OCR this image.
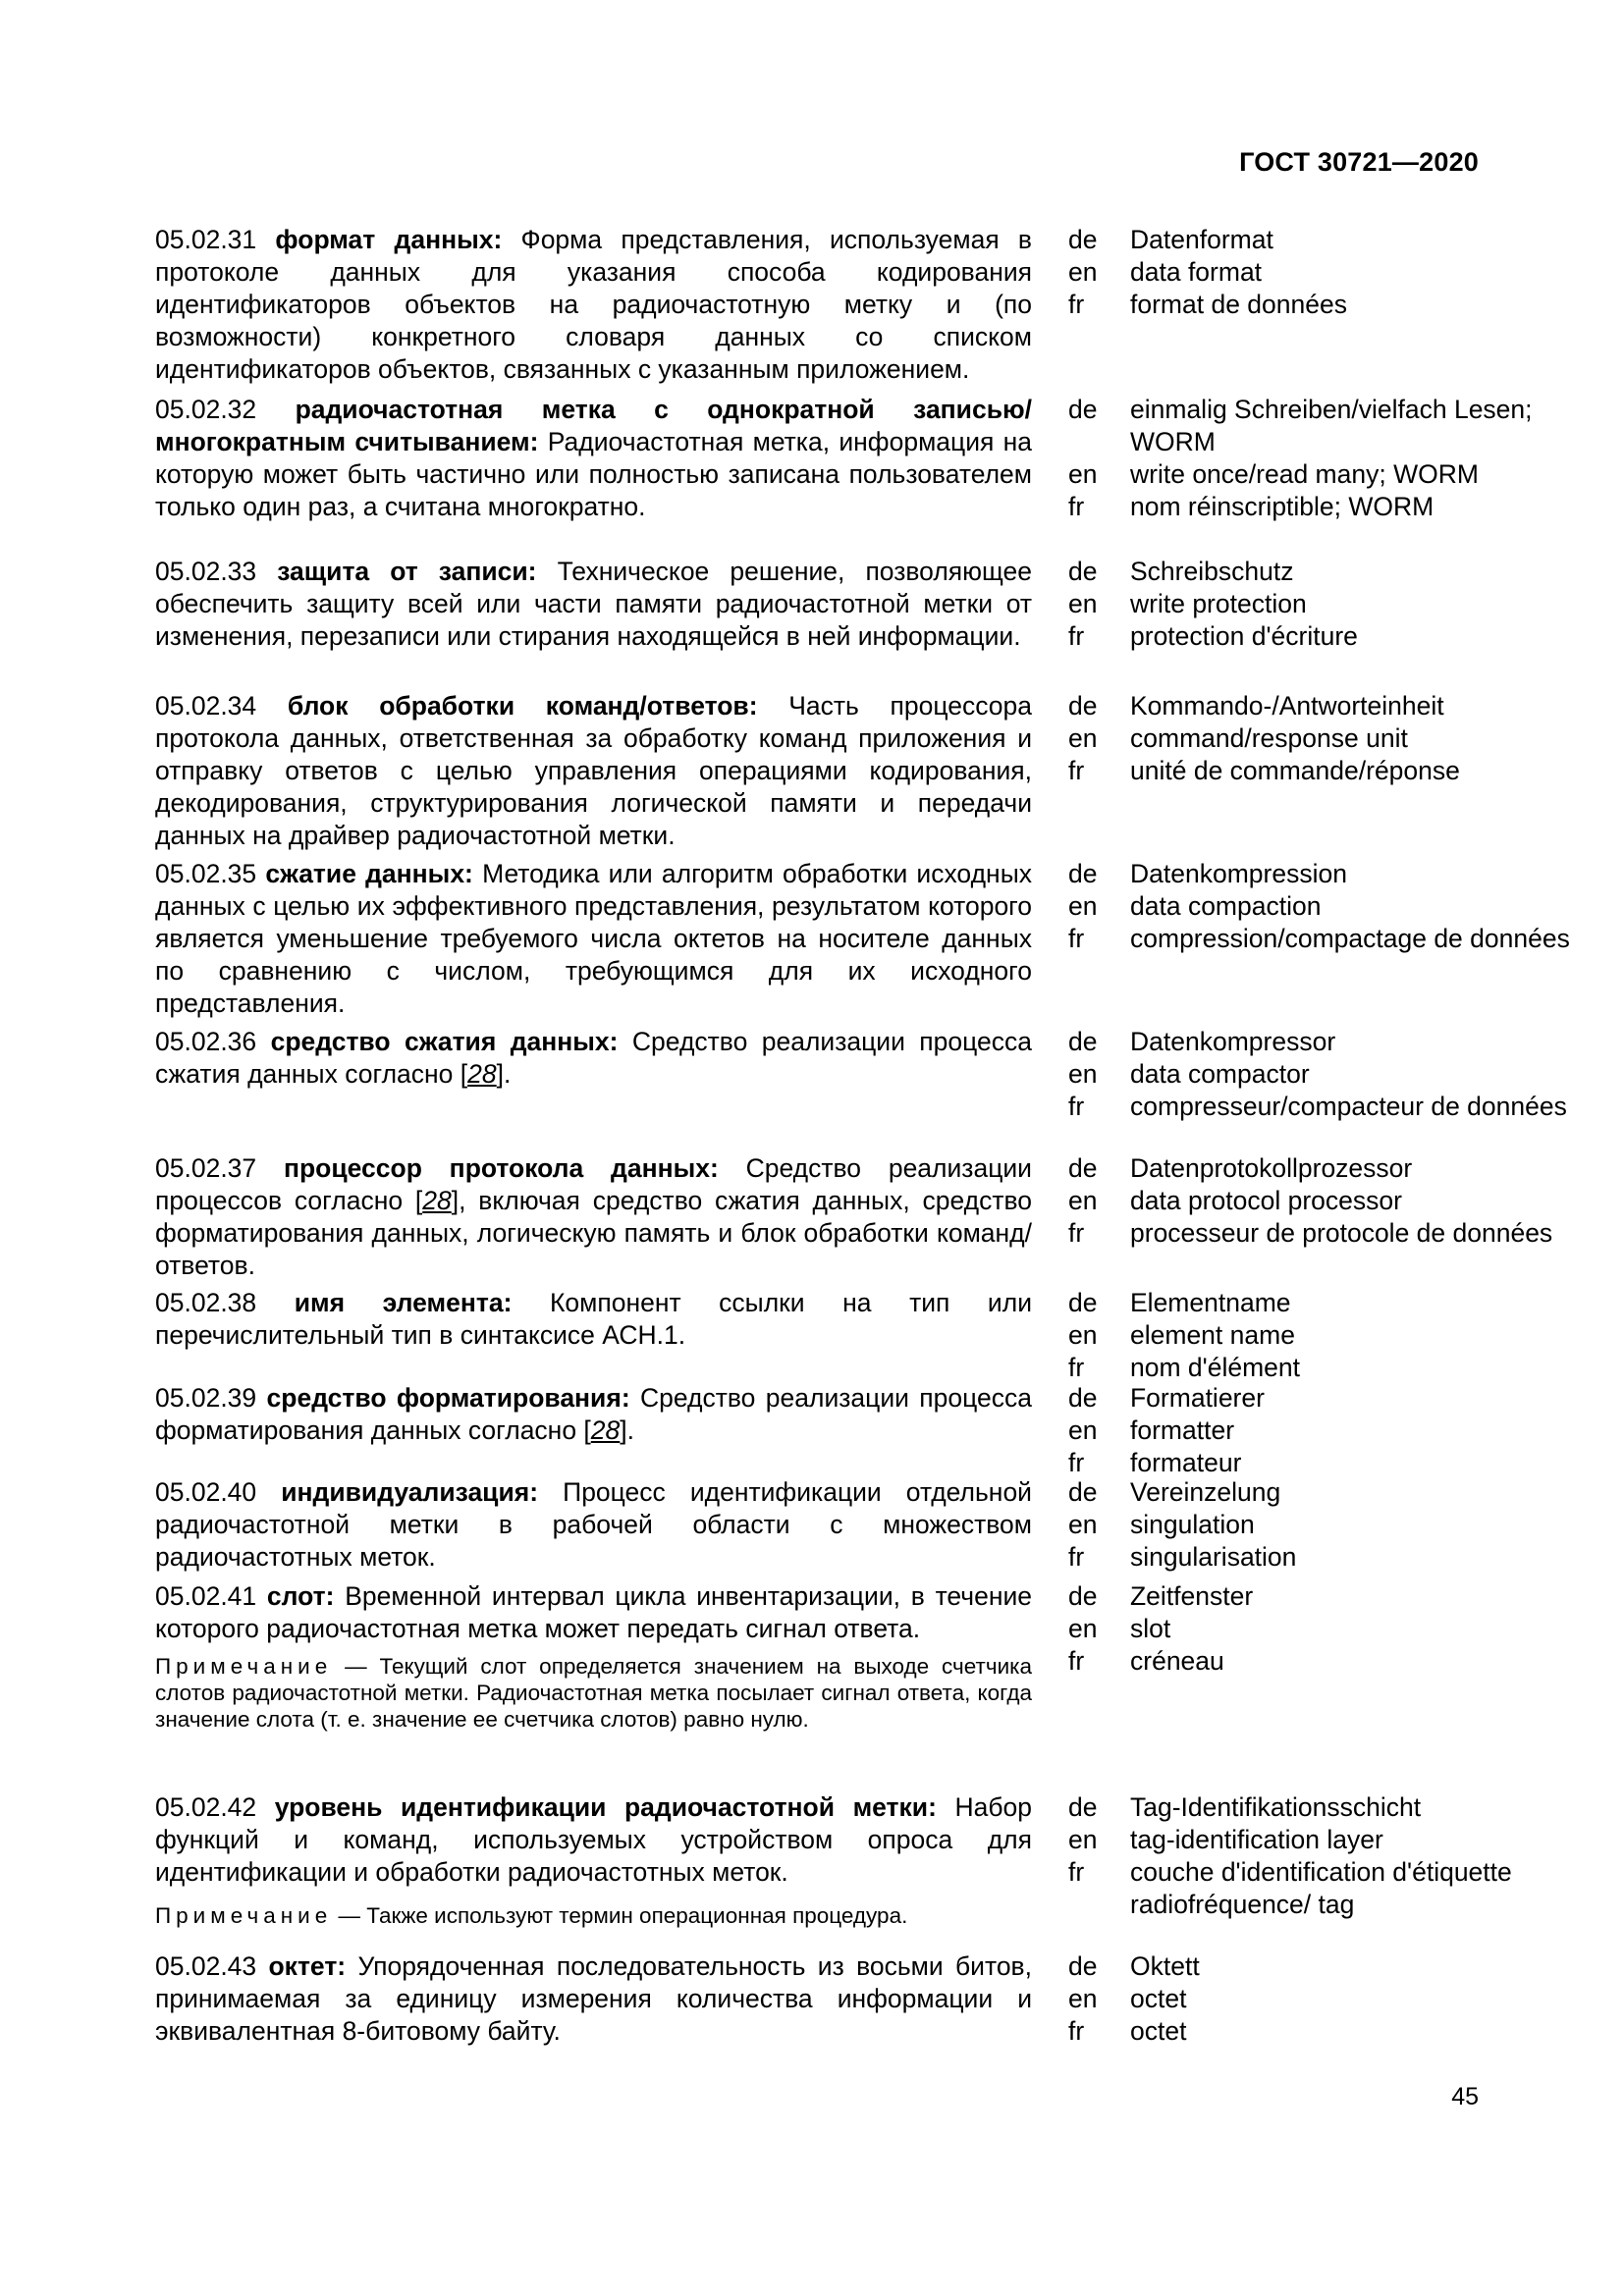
ГОСТ 30721—2020
05.02.31 формат данных: Форма представления, используемая в протоколе данных для указания способа кодирования идентификаторов объектов на радиочастотную метку и (по возможности) конкретного словаря данных со списком идентификаторов объектов, связанных с указанным приложением.
de	Datenformat
en	data format
fr	format de données
05.02.32 радиочастотная метка с однократной записью/многократным считыванием: Радиочастотная метка, информация на которую может быть частично или полностью записана пользователем только один раз, а считана многократно.
de	einmalig Schreiben/vielfach Lesen; WORM
en	write once/read many; WORM
fr	nom réinscriptible; WORM
05.02.33 защита от записи: Техническое решение, позволяющее обеспечить защиту всей или части памяти радиочастотной метки от изменения, перезаписи или стирания находящейся в ней информации.
de	Schreibschutz
en	write protection
fr	protection d'écriture
05.02.34 блок обработки команд/ответов: Часть процессора протокола данных, ответственная за обработку команд приложения и отправку ответов с целью управления операциями кодирования, декодирования, структурирования логической памяти и передачи данных на драйвер радиочастотной метки.
de	Kommando-/Antworteinheit
en	command/response unit
fr	unité de commande/réponse
05.02.35 сжатие данных: Методика или алгоритм обработки исходных данных с целью их эффективного представления, результатом которого является уменьшение требуемого числа октетов на носителе данных по сравнению с числом, требующимся для их исходного представления.
de	Datenkompression
en	data compaction
fr	compression/compactage de données
05.02.36 средство сжатия данных: Средство реализации процесса сжатия данных согласно [28].
de	Datenkompressor
en	data compactor
fr	compresseur/compacteur de données
05.02.37 процессор протокола данных: Средство реализации процессов согласно [28], включая средство сжатия данных, средство форматирования данных, логическую память и блок обработки команд/ответов.
de	Datenprotokollprozessor
en	data protocol processor
fr	processeur de protocole de données
05.02.38 имя элемента: Компонент ссылки на тип или перечислительный тип в синтаксисе АСН.1.
de	Elementname
en	element name
fr	nom d'élément
05.02.39 средство форматирования: Средство реализации процесса форматирования данных согласно [28].
de	Formatierer
en	formatter
fr	formateur
05.02.40 индивидуализация: Процесс идентификации отдельной радиочастотной метки в рабочей области с множеством радиочастотных меток.
de	Vereinzelung
en	singulation
fr	singularisation
05.02.41 слот: Временной интервал цикла инвентаризации, в течение которого радиочастотная метка может передать сигнал ответа.
Примечание — Текущий слот определяется значением на выходе счетчика слотов радиочастотной метки. Радиочастотная метка посылает сигнал ответа, когда значение слота (т. е. значение ее счетчика слотов) равно нулю.
de	Zeitfenster
en	slot
fr	créneau
05.02.42 уровень идентификации радиочастотной метки: Набор функций и команд, используемых устройством опроса для идентификации и обработки радиочастотных меток.
Примечание — Также используют термин операционная процедура.
de	Tag-Identifikationsschicht
en	tag-identification layer
fr	couche d'identification d'étiquette radiofréquence/ tag
05.02.43 октет: Упорядоченная последовательность из восьми битов, принимаемая за единицу измерения количества информации и эквивалентная 8-битовому байту.
de	Oktett
en	octet
fr	octet
45
